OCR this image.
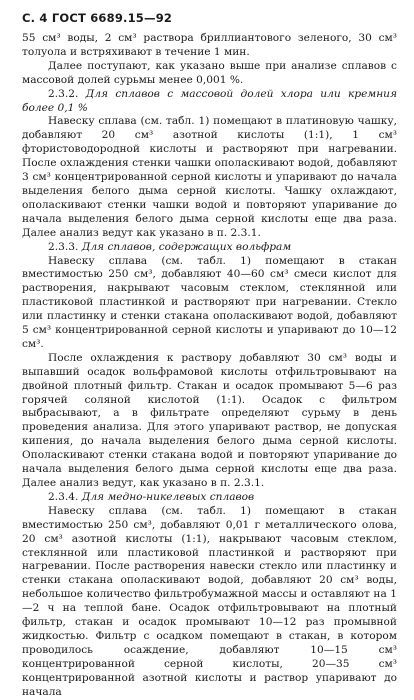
С. 4 ГОСТ 6689.15—92

55 см³ воды, 2 см³ раствора бриллиантового зеленого, 30 см³ толуола и встряхивают в течение 1 мин.

Далее поступают, как указано выше при анализе сплавов с массовой долей сурьмы менее 0,001 %.

2.3.2. Для сплавов с массовой долей хлора или кремния более 0,1 %

Навеску сплава (см. табл. 1) помещают в платиновую чашку, добавляют 20 см³ азотной кислоты (1:1), 1 см³ фтористоводородной кислоты и растворяют при нагревании. После охлаждения стенки чашки ополаскивают водой, добавляют 3 см³ концентрированной серной кислоты и упаривают до начала выделения белого дыма серной кислоты. Чашку охлаждают, ополаскивают стенки чашки водой и повторяют упаривание до начала выделения белого дыма серной кислоты еще два раза. Далее анализ ведут как указано в п. 2.3.1.

2.3.3. Для сплавов, содержащих вольфрам

Навеску сплава (см. табл. 1) помещают в стакан вместимостью 250 см³, добавляют 40—60 см³ смеси кислот для растворения, накрывают часовым стеклом, стеклянной или пластиковой пластинкой и растворяют при нагревании. Стекло или пластинку и стенки стакана ополаскивают водой, добавляют 5 см³ концентрированной серной кислоты и упаривают до 10—12 см³.

После охлаждения к раствору добавляют 30 см³ воды и выпавший осадок вольфрамовой кислоты отфильтровывают на двойной плотный фильтр. Стакан и осадок промывают 5—6 раз горячей соляной кислотой (1:1). Осадок с фильтром выбрасывают, а в фильтрате определяют сурьму в день проведения анализа. Для этого упаривают раствор, не допуская кипения, до начала выделения белого дыма серной кислоты. Ополаскивают стенки стакана водой и повторяют упаривание до начала выделения белого дыма серной кислоты еще два раза. Далее анализ ведут, как указано в п. 2.3.1.

2.3.4. Для медно-никелевых сплавов

Навеску сплава (см. табл. 1) помещают в стакан вместимостью 250 см³, добавляют 0,01 г металлического олова, 20 см³ азотной кислоты (1:1), накрывают часовым стеклом, стеклянной или пластиковой пластинкой и растворяют при нагревании. После растворения навески стекло или пластинку и стенки стакана ополаскивают водой, добавляют 20 см³ воды, небольшое количество фильтробумажной массы и оставляют на 1—2 ч на теплой бане. Осадок отфильтровывают на плотный фильтр, стакан и осадок промывают 10—12 раз промывной жидкостью. Фильтр с осадком помещают в стакан, в котором проводилось осаждение, добавляют 10—15 см³ концентрированной серной кислоты, 20—35 см³ концентрированной азотной кислоты и раствор упаривают до начала
